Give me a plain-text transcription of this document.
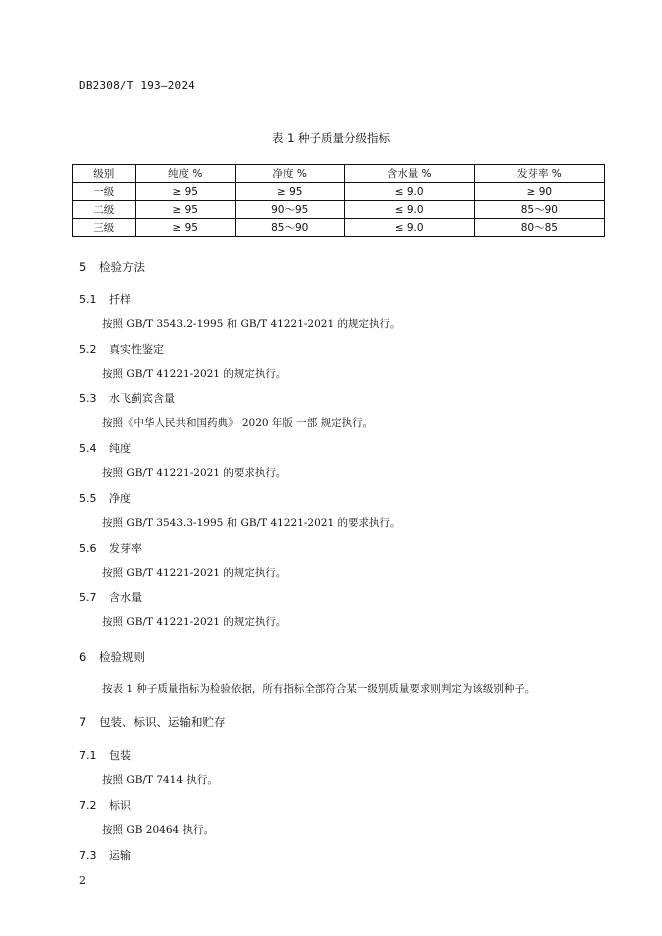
DB2308/T 193—2024
表 1 种子质量分级指标
级别	纯度 %	净度 %	含水量 %	发芽率 %
一级	≥ 95	≥ 95	≤ 9.0	≥ 90
二级	≥ 95	90～95	≤ 9.0	85～90
三级	≥ 95	85～90	≤ 9.0	80～85
5 检验方法
5.1 扦样
按照 GB/T 3543.2-1995 和 GB/T 41221-2021 的规定执行。
5.2 真实性鉴定
按照 GB/T 41221-2021 的规定执行。
5.3 水飞蓟宾含量
按照《中华人民共和国药典》 2020 年版 一部 规定执行。
5.4 纯度
按照 GB/T 41221-2021 的要求执行。
5.5 净度
按照 GB/T 3543.3-1995 和 GB/T 41221-2021 的要求执行。
5.6 发芽率
按照 GB/T 41221-2021 的规定执行。
5.7 含水量
按照 GB/T 41221-2021 的规定执行。
6 检验规则
按表 1 种子质量指标为检验依据，所有指标全部符合某一级别质量要求则判定为该级别种子。
7 包装、标识、运输和贮存
7.1 包装
按照 GB/T 7414 执行。
7.2 标识
按照 GB 20464 执行。
7.3 运输
2
